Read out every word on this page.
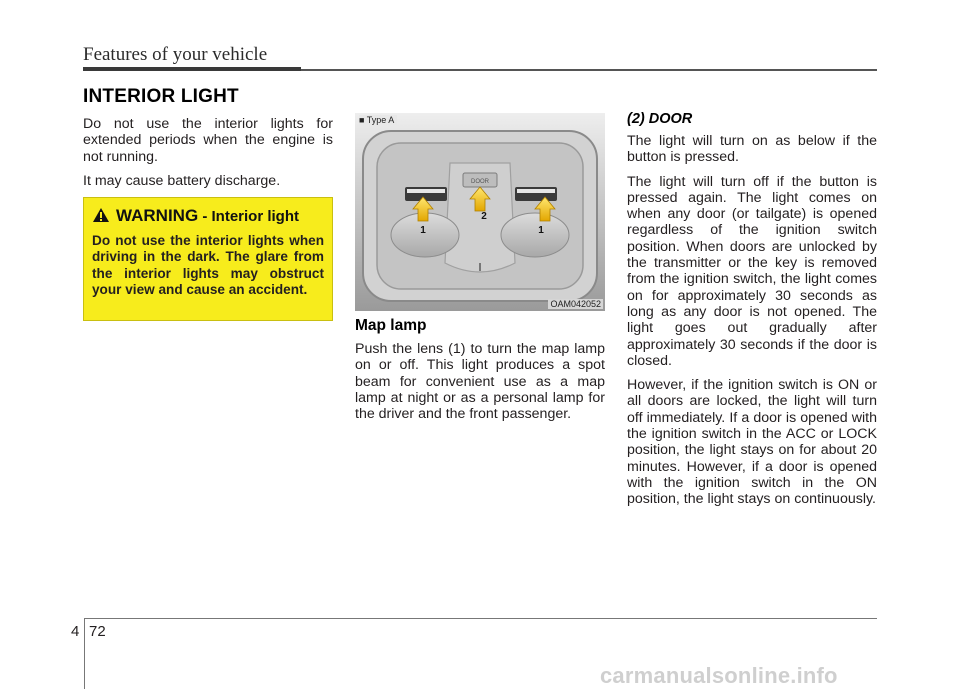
Features of your vehicle
INTERIOR LIGHT

Do not use the interior lights for extended periods when the engine is not running.

It may cause battery discharge.

WARNING - Interior light
Do not use the interior lights when driving in the dark. The glare from the interior lights may obstruct your view and cause an accident.
DOOR
1
2
1
■ Type A
OAM042052
Map lamp

Push the lens (1) to turn the map lamp on or off. This light produces a spot beam for convenient use as a map lamp at night or as a personal lamp for the driver and the front passenger.

(2) DOOR

The light will turn on as below if the button is pressed.

The light will turn off if the button is pressed again. The light comes on when any door (or tailgate) is opened regardless of the ignition switch position. When doors are unlocked by the transmitter or the key is removed from the ignition switch, the light comes on for approximately 30 seconds as long as any door is not opened. The light goes out gradually after approximately 30 seconds if the door is closed.

However, if the ignition switch is ON or all doors are locked, the light will turn off immediately. If a door is opened with the ignition switch in the ACC or LOCK position, the light stays on for about 20 minutes. However, if a door is opened with the ignition switch in the ON position, the light stays on continuously.

4 72
carmanualsonline.info
